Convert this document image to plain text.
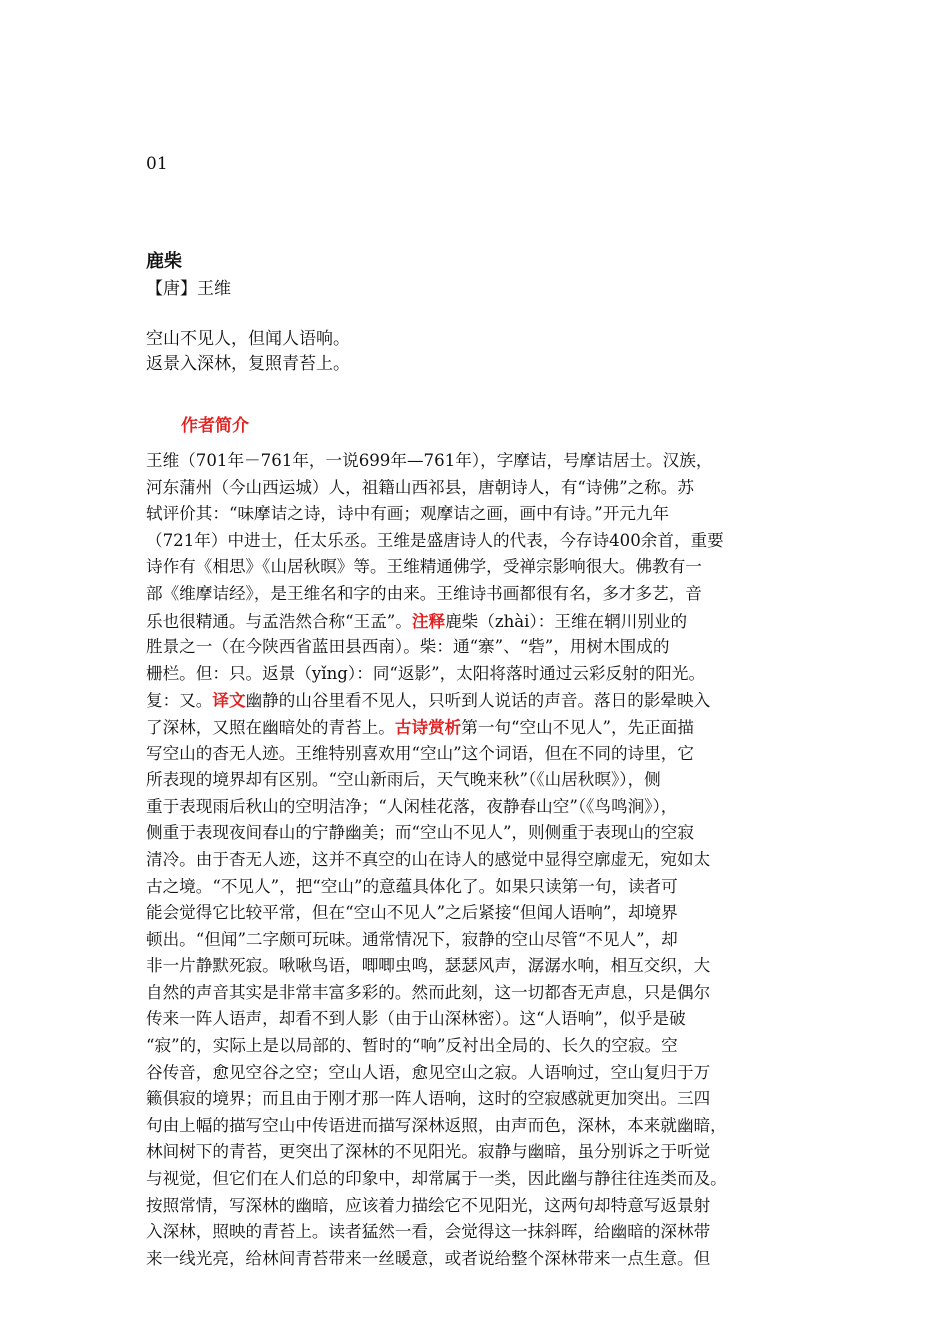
01
鹿柴
【唐】王维
空山不见人，但闻人语响。
返景入深林，复照青苔上。
作者简介
王维（701年－761年，一说699年—761年），字摩诘，号摩诘居士。汉族，
河东蒲州（今山西运城）人，祖籍山西祁县，唐朝诗人，有“诗佛”之称。苏
轼评价其：“味摩诘之诗，诗中有画；观摩诘之画，画中有诗。”开元九年
（721年）中进士，任太乐丞。王维是盛唐诗人的代表，今存诗400余首，重要
诗作有《相思》《山居秋暝》等。王维精通佛学，受禅宗影响很大。佛教有一
部《维摩诘经》，是王维名和字的由来。王维诗书画都很有名，多才多艺，音
乐也很精通。与孟浩然合称“王孟”。注释鹿柴（zhài）：王维在辋川别业的
胜景之一（在今陕西省蓝田县西南）。柴：通“寨”、“砦”，用树木围成的
栅栏。但：只。返景（yǐng）：同“返影”，太阳将落时通过云彩反射的阳光。
复：又。译文幽静的山谷里看不见人，只听到人说话的声音。落日的影晕映入
了深林，又照在幽暗处的青苔上。古诗赏析第一句“空山不见人”，先正面描
写空山的杳无人迹。王维特别喜欢用“空山”这个词语，但在不同的诗里，它
所表现的境界却有区别。“空山新雨后，天气晚来秋”（《山居秋暝》），侧
重于表现雨后秋山的空明洁净；“人闲桂花落，夜静春山空”（《鸟鸣涧》），
侧重于表现夜间春山的宁静幽美；而“空山不见人”，则侧重于表现山的空寂
清冷。由于杳无人迹，这并不真空的山在诗人的感觉中显得空廓虚无，宛如太
古之境。“不见人”，把“空山”的意蕴具体化了。如果只读第一句，读者可
能会觉得它比较平常，但在“空山不见人”之后紧接“但闻人语响”，却境界
顿出。“但闻”二字颇可玩味。通常情况下，寂静的空山尽管“不见人”，却
非一片静默死寂。啾啾鸟语，唧唧虫鸣，瑟瑟风声，潺潺水响，相互交织，大
自然的声音其实是非常丰富多彩的。然而此刻，这一切都杳无声息，只是偶尔
传来一阵人语声，却看不到人影（由于山深林密）。这“人语响”，似乎是破
“寂”的，实际上是以局部的、暂时的“响”反衬出全局的、长久的空寂。空
谷传音，愈见空谷之空；空山人语，愈见空山之寂。人语响过，空山复归于万
籁俱寂的境界；而且由于刚才那一阵人语响，这时的空寂感就更加突出。三四
句由上幅的描写空山中传语进而描写深林返照，由声而色，深林，本来就幽暗，
林间树下的青苔，更突出了深林的不见阳光。寂静与幽暗，虽分别诉之于听觉
与视觉，但它们在人们总的印象中，却常属于一类，因此幽与静往往连类而及。
按照常情，写深林的幽暗，应该着力描绘它不见阳光，这两句却特意写返景射
入深林，照映的青苔上。读者猛然一看，会觉得这一抹斜晖，给幽暗的深林带
来一线光亮，给林间青苔带来一丝暖意，或者说给整个深林带来一点生意。但
